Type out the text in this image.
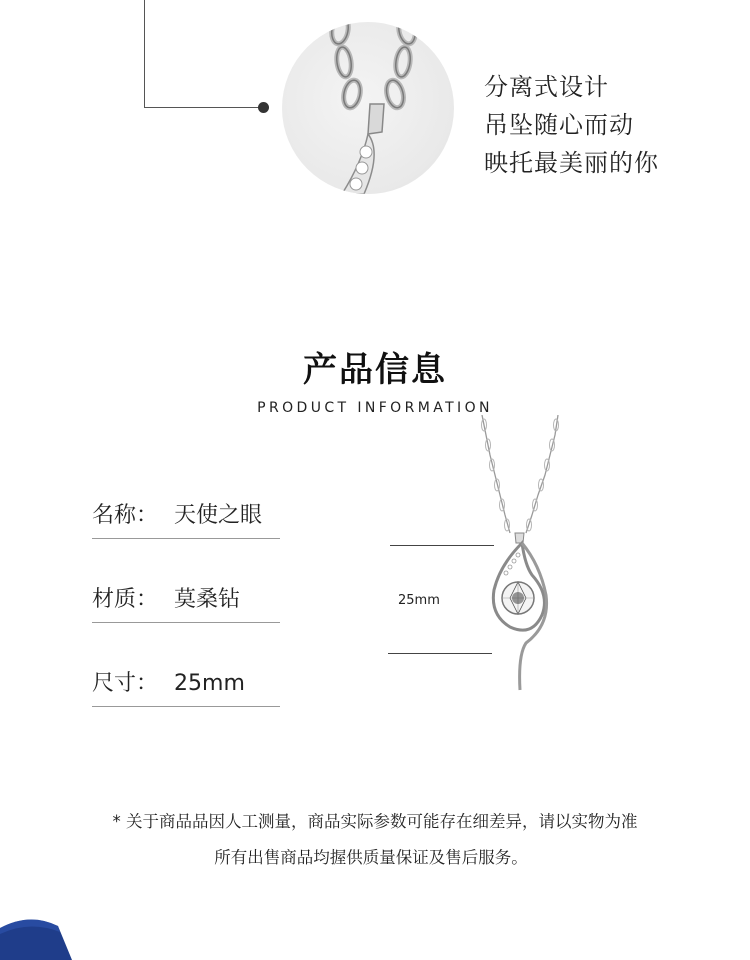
分离式设计
吊坠随心而动
映托最美丽的你
产品信息
PRODUCT INFORMATION
名称： 天使之眼
材质： 莫桑钻
尺寸： 25mm
25mm
* 关于商品品因人工测量，商品实际参数可能存在细差异，请以实物为准
所有出售商品均握供质量保证及售后服务。
